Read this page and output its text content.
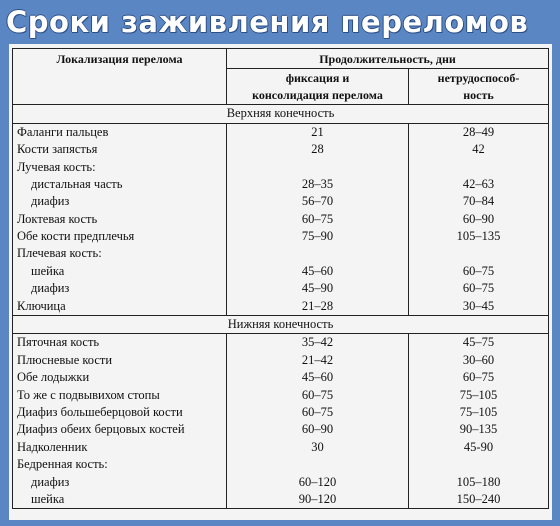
Сроки заживления переломов
Локализация перелома	Продолжительность, дни	
	фиксация и	нетрудоспособ-
	консолидация перелома	ность
Верхняя конечность		
Фаланги пальцев	21	28–49
Кости запястья	28	42
Лучевая кость:		
дистальная часть	28–35	42–63
диафиз	56–70	70–84
Локтевая кость	60–75	60–90
Обе кости предплечья	75–90	105–135
Плечевая кость:		
шейка	45–60	60–75
диафиз	45–90	60–75
Ключица	21–28	30–45
Нижняя конечность		
Пяточная кость	35–42	45–75
Плюсневые кости	21–42	30–60
Обе лодыжки	45–60	60–75
То же с подвывихом стопы	60–75	75–105
Диафиз большеберцовой кости	60–75	75–105
Диафиз обеих берцовых костей	60–90	90–135
Надколенник	30	45-90
Бедренная кость:		
диафиз	60–120	105–180
шейка	90–120	150–240
